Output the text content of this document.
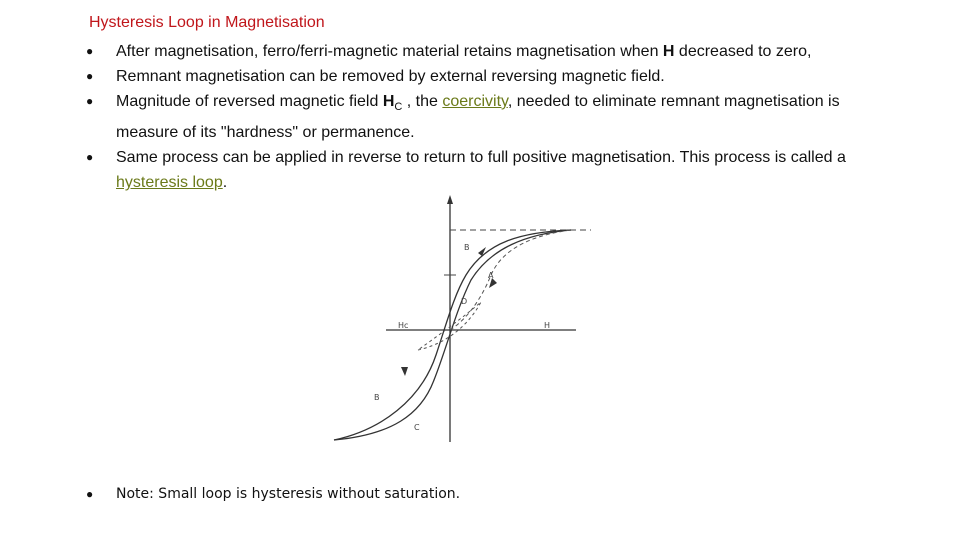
Hysteresis Loop in Magnetisation
● After magnetisation, ferro/ferri-magnetic material retains magnetisation when H decreased to zero,
● Remnant magnetisation can be removed by external reversing magnetic field.
● Magnitude of reversed magnetic field $H_C$ , the coercivity, needed to eliminate remnant magnetisation is measure of its "hardness" or permanence.
● Same process can be applied in reverse to return to full positive magnetisation. This process is called a hysteresis loop.
B
A
D
H
Hc
B
C
● Note: Small loop is hysteresis without saturation.
